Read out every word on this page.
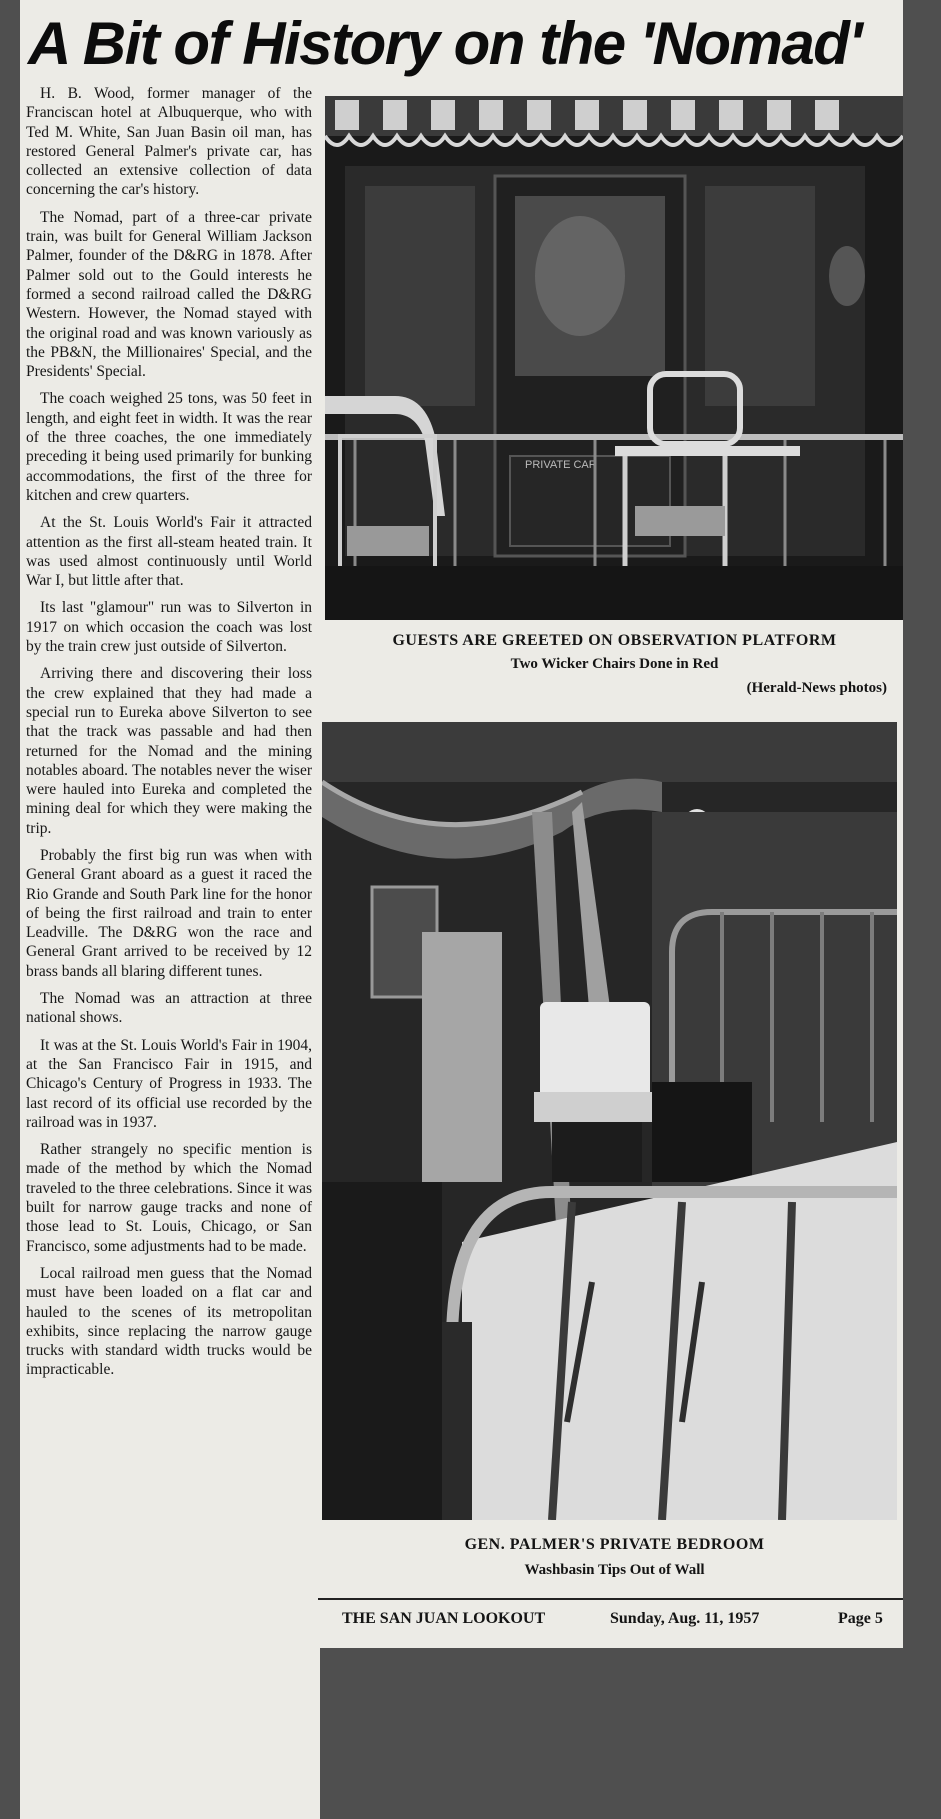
A Bit of History on the 'Nomad'

H. B. Wood, former manager of the Franciscan hotel at Albuquerque, who with Ted M. White, San Juan Basin oil man, has restored General Palmer's private car, has collected an extensive collection of data concerning the car's history.

The Nomad, part of a three-car private train, was built for General William Jackson Palmer, founder of the D&RG in 1878. After Palmer sold out to the Gould interests he formed a second railroad called the D&RG Western. However, the Nomad stayed with the original road and was known variously as the PB&N, the Millionaires' Special, and the Presidents' Special.

The coach weighed 25 tons, was 50 feet in length, and eight feet in width. It was the rear of the three coaches, the one immediately preceding it being used primarily for bunking accommodations, the first of the three for kitchen and crew quarters.

At the St. Louis World's Fair it attracted attention as the first all-steam heated train. It was used almost continuously until World War I, but little after that.

Its last "glamour" run was to Silverton in 1917 on which occasion the coach was lost by the train crew just outside of Silverton.

Arriving there and discovering their loss the crew explained that they had made a special run to Eureka above Silverton to see that the track was passable and had then returned for the Nomad and the mining notables aboard. The notables never the wiser were hauled into Eureka and completed the mining deal for which they were making the trip.

Probably the first big run was when with General Grant aboard as a guest it raced the Rio Grande and South Park line for the honor of being the first railroad and train to enter Leadville. The D&RG won the race and General Grant arrived to be received by 12 brass bands all blaring different tunes.

The Nomad was an attraction at three national shows.

It was at the St. Louis World's Fair in 1904, at the San Francisco Fair in 1915, and Chicago's Century of Progress in 1933. The last record of its official use recorded by the railroad was in 1937.

Rather strangely no specific mention is made of the method by which the Nomad traveled to the three celebrations. Since it was built for narrow gauge tracks and none of those lead to St. Louis, Chicago, or San Francisco, some adjustments had to be made.

Local railroad men guess that the Nomad must have been loaded on a flat car and hauled to the scenes of its metropolitan exhibits, since replacing the narrow gauge trucks with standard width trucks would be impracticable.

PRIVATE CAR
GUESTS ARE GREETED ON OBSERVATION PLATFORM
Two Wicker Chairs Done in Red
(Herald-News photos)
GEN. PALMER'S PRIVATE BEDROOM
Washbasin Tips Out of Wall
THE SAN JUAN LOOKOUT	Sunday, Aug. 11, 1957	Page 5
